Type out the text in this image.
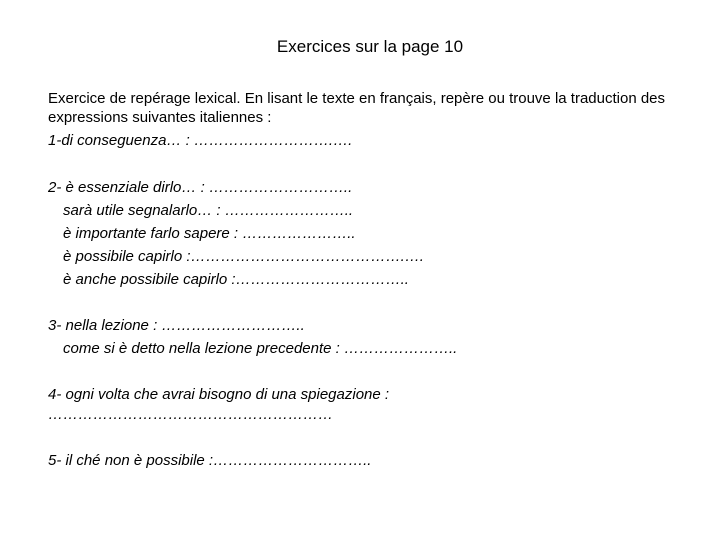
Exercices sur la page 10
Exercice de repérage lexical. En lisant le texte en français, repère ou trouve la traduction des expressions suivantes italiennes :
1-di conseguenza… : ……………………….….
2- è essenziale dirlo… : ………………………..
sarà utile segnalarlo… : ……………………..
è importante farlo sapere : …………………..
è possibile capirlo :…………………………………….….
è anche possibile capirlo :……………………………..
3- nella lezione : ………………………..
come si è detto nella lezione precedente : …………………..
4- ogni volta che avrai bisogno di una spiegazione :
…………………………………………………
5- il ché non è possibile :…………………………..
